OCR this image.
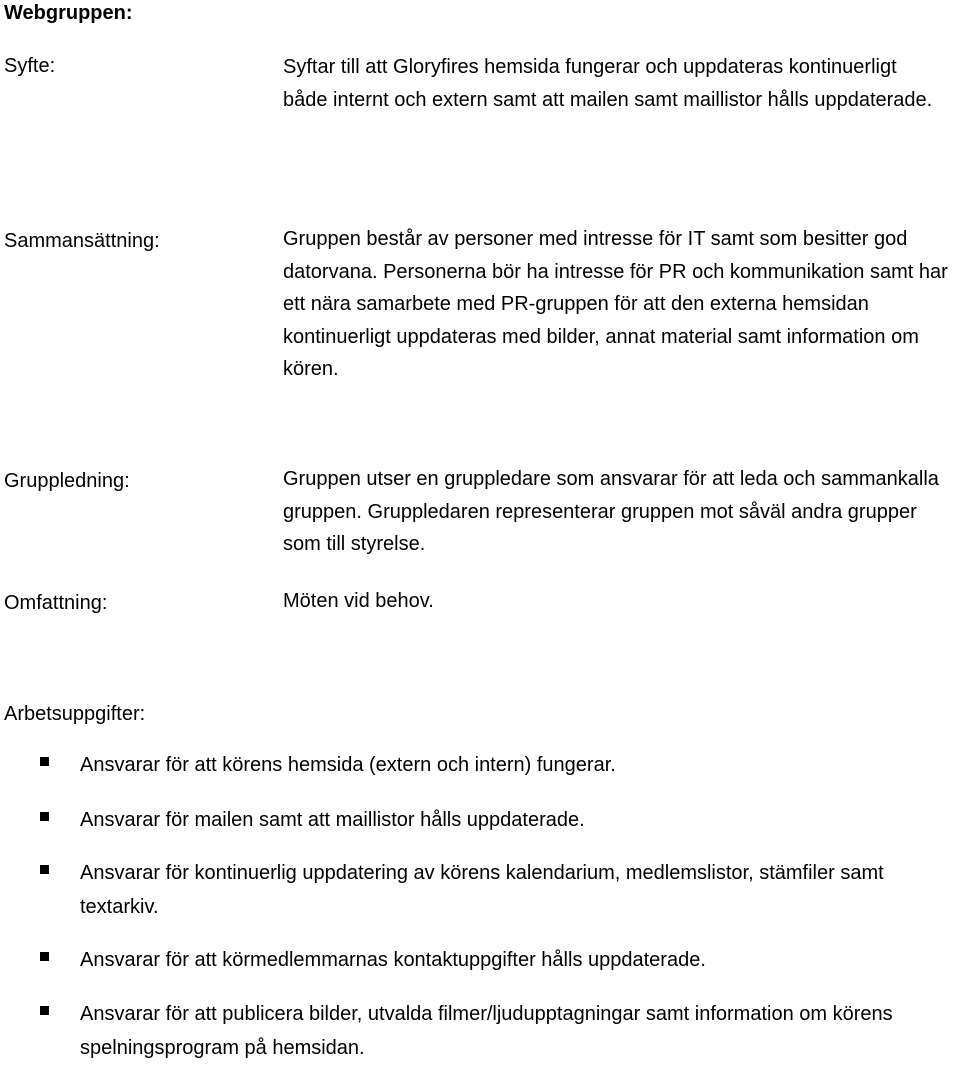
Webgruppen:
Syfte:	Syftar till att Gloryfires hemsida fungerar och uppdateras kontinuerligt både internt och extern samt att mailen samt maillistor hålls uppdaterade.
Sammansättning:	Gruppen består av personer med intresse för IT samt som besitter god datorvana. Personerna bör ha intresse för PR och kommunikation samt har ett nära samarbete med PR-gruppen för att den externa hemsidan kontinuerligt uppdateras med bilder, annat material samt information om kören.
Gruppledning:	Gruppen utser en gruppledare som ansvarar för att leda och sammankalla gruppen. Gruppledaren representerar gruppen mot såväl andra grupper som till styrelse.
Omfattning:	Möten vid behov.
Arbetsuppgifter:
Ansvarar för att körens hemsida (extern och intern) fungerar.
Ansvarar för mailen samt att maillistor hålls uppdaterade.
Ansvarar för kontinuerlig uppdatering av körens kalendarium, medlemslistor, stämfiler samt textarkiv.
Ansvarar för att körmedlemmarnas kontaktuppgifter hålls uppdaterade.
Ansvarar för att publicera bilder, utvalda filmer/ljudupptagningar samt information om körens spelningsprogram på hemsidan.
